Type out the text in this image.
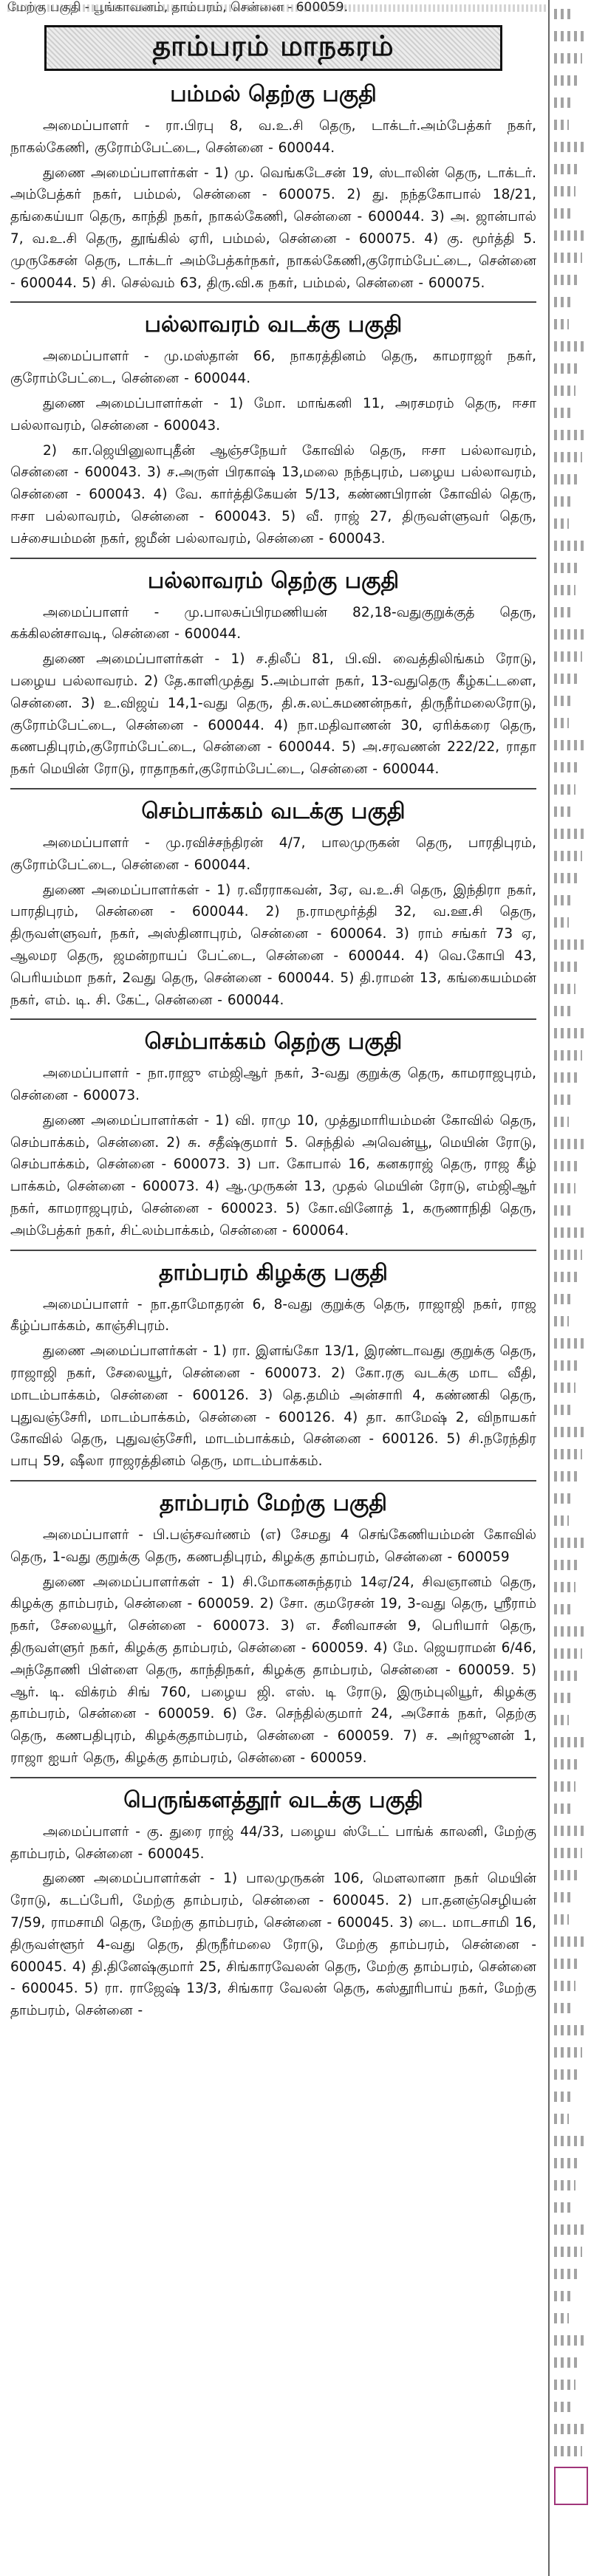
மேற்கு பகுதி - பூங்காவனம், தாம்பரம், சென்னை - 600059.
தாம்பரம் மாநகரம்
பம்மல் தெற்கு பகுதி

அமைப்பாளர் - ரா.பிரபு 8, வ.உ.சி தெரு, டாக்டர்.அம்பேத்கர் நகர், நாகல்கேணி, குரோம்பேட்டை, சென்னை - 600044.

துணை அமைப்பாளர்கள் - 1) மு. வெங்கடேசன் 19, ஸ்டாலின் தெரு, டாக்டர். அம்பேத்கர் நகர், பம்மல், சென்னை - 600075. 2) து. நந்தகோபால் 18/21, தங்கைய்யா தெரு, காந்தி நகர், நாகல்கேணி, சென்னை - 600044. 3) அ. ஜான்பால் 7, வ.உ.சி தெரு, தூங்கில் ஏரி, பம்மல், சென்னை - 600075. 4) கு. மூர்த்தி 5. முருகேசன் தெரு, டாக்டர் அம்பேத்கர்நகர், நாகல்கேணி,குரோம்பேட்டை, சென்னை - 600044. 5) சி. செல்வம் 63, திரு.வி.க நகர், பம்மல், சென்னை - 600075.

பல்லாவரம் வடக்கு பகுதி

அமைப்பாளர் - மு.மஸ்தான் 66, நாகரத்தினம் தெரு, காமராஜர் நகர், குரோம்பேட்டை, சென்னை - 600044.

துணை அமைப்பாளர்கள் - 1) மோ. மாங்கனி 11, அரசமரம் தெரு, ஈசா பல்லாவரம், சென்னை - 600043.

2) கா.ஜெயினுலாபுதீன் ஆஞ்சநேயர் கோவில் தெரு, ஈசா பல்லாவரம், சென்னை - 600043. 3) ச.அருள் பிரகாஷ் 13,மலை நந்தபுரம், பழைய பல்லாவரம், சென்னை - 600043. 4) வே. கார்த்திகேயன் 5/13, கண்ணபிரான் கோவில் தெரு, ஈசா பல்லாவரம், சென்னை - 600043. 5) வீ. ராஜ் 27, திருவள்ளுவர் தெரு, பச்சையம்மன் நகர், ஜமீன் பல்லாவரம், சென்னை - 600043.

பல்லாவரம் தெற்கு பகுதி

அமைப்பாளர் - மு.பாலசுப்பிரமணியன் 82,18-வதுகுறுக்குத் தெரு, கக்கிலன்சாவடி, சென்னை - 600044.

துணை அமைப்பாளர்கள் - 1) ச.திலீப் 81, பி.வி. வைத்திலிங்கம் ரோடு, பழைய பல்லாவரம். 2) தே.காளிமுத்து 5.அம்பாள் நகர், 13-வதுதெரு கீழ்கட்டளை, சென்னை. 3) உ.விஜய் 14,1-வது தெரு, தி.சு.லட்சுமணன்நகர், திருநீர்மலைரோடு, குரோம்பேட்டை, சென்னை - 600044. 4) நா.மதிவாணன் 30, ஏரிக்கரை தெரு, கணபதிபுரம்,குரோம்பேட்டை, சென்னை - 600044. 5) அ.சரவணன் 222/22, ராதா நகர் மெயின் ரோடு, ராதாநகர்,குரோம்பேட்டை, சென்னை - 600044.

செம்பாக்கம் வடக்கு பகுதி

அமைப்பாளர் - மு.ரவிச்சந்திரன் 4/7, பாலமுருகன் தெரு, பாரதிபுரம், குரோம்பேட்டை, சென்னை - 600044.

துணை அமைப்பாளர்கள் - 1) ர.வீரராகவன், 3ஏ, வ.உ.சி தெரு, இந்திரா நகர், பாரதிபுரம், சென்னை - 600044. 2) ந.ராமமூர்த்தி 32, வ.ஊ.சி தெரு, திருவள்ளுவர், நகர், அஸ்தினாபுரம், சென்னை - 600064. 3) ராம் சங்கர் 73 ஏ, ஆலமர தெரு, ஜமன்றாயப் பேட்டை, சென்னை - 600044. 4) வெ.கோபி 43, பெரியம்மா நகர், 2வது தெரு, சென்னை - 600044. 5) தி.ராமன் 13, கங்கையம்மன் நகர், எம். டி. சி. கேட், சென்னை - 600044.

செம்பாக்கம் தெற்கு பகுதி

அமைப்பாளர் - நா.ராஜு எம்ஜிஆர் நகர், 3-வது குறுக்கு தெரு, காமராஜபுரம், சென்னை - 600073.

துணை அமைப்பாளர்கள் - 1) வி. ராமு 10, முத்துமாரியம்மன் கோவில் தெரு, செம்பாக்கம், சென்னை. 2) சு. சதீஷ்குமார் 5. செந்தில் அவென்யூ, மெயின் ரோடு, செம்பாக்கம், சென்னை - 600073. 3) பா. கோபால் 16, கனகராஜ் தெரு, ராஜ கீழ் பாக்கம், சென்னை - 600073. 4) ஆ.முருகன் 13, முதல் மெயின் ரோடு, எம்ஜிஆர் நகர், காமராஜபுரம், சென்னை - 600023. 5) கோ.வினோத் 1, கருணாநிதி தெரு, அம்பேத்கர் நகர், சிட்லம்பாக்கம், சென்னை - 600064.

தாம்பரம் கிழக்கு பகுதி

அமைப்பாளர் - நா.தாமோதரன் 6, 8-வது குறுக்கு தெரு, ராஜாஜி நகர், ராஜ கீழ்ப்பாக்கம், காஞ்சிபுரம்.

துணை அமைப்பாளர்கள் - 1) ரா. இளங்கோ 13/1, இரண்டாவது குறுக்கு தெரு, ராஜாஜி நகர், சேலையூர், சென்னை - 600073. 2) கோ.ரகு வடக்கு மாட வீதி, மாடம்பாக்கம், சென்னை - 600126. 3) தெ.தமிம் அன்சாரி 4, கண்ணகி தெரு, புதுவஞ்சேரி, மாடம்பாக்கம், சென்னை - 600126. 4) தா. காமேஷ் 2, விநாயகர் கோவில் தெரு, புதுவஞ்சேரி, மாடம்பாக்கம், சென்னை - 600126. 5) சி.நரேந்திர பாபு 59, ஷீலா ராஜரத்தினம் தெரு, மாடம்பாக்கம்.

தாம்பரம் மேற்கு பகுதி

அமைப்பாளர் - பி.பஞ்சவர்ணம் (எ) சேமது 4 செங்கேணியம்மன் கோவில் தெரு, 1-வது குறுக்கு தெரு, கணபதிபுரம், கிழக்கு தாம்பரம், சென்னை - 600059

துணை அமைப்பாளர்கள் - 1) சி.மோகனசுந்தரம் 14ஏ/24, சிவஞானம் தெரு, கிழக்கு தாம்பரம், சென்னை - 600059. 2) சோ. குமரேசன் 19, 3-வது தெரு, ஸ்ரீராம் நகர், சேலையூர், சென்னை - 600073. 3) எ. சீனிவாசன் 9, பெரியார் தெரு, திருவள்ளுர் நகர், கிழக்கு தாம்பரம், சென்னை - 600059. 4) மே. ஜெயராமன் 6/46, அந்தோணி பிள்ளை தெரு, காந்திநகர், கிழக்கு தாம்பரம், சென்னை - 600059. 5) ஆர். டி. விக்ரம் சிங் 760, பழைய ஜி. எஸ். டி ரோடு, இரும்புலியூர், கிழக்கு தாம்பரம், சென்னை - 600059. 6) சே. செந்தில்குமார் 24, அசோக் நகர், தெற்கு தெரு, கணபதிபுரம், கிழக்குதாம்பரம், சென்னை - 600059. 7) ச. அர்ஜுனன் 1, ராஜா ஐயர் தெரு, கிழக்கு தாம்பரம், சென்னை - 600059.

பெருங்களத்தூர் வடக்கு பகுதி

அமைப்பாளர் - கு. துரை ராஜ் 44/33, பழைய ஸ்டேட் பாங்க் காலனி, மேற்கு தாம்பரம், சென்னை - 600045.

துணை அமைப்பாளர்கள் - 1) பாலமுருகன் 106, மௌலானா நகர் மெயின் ரோடு, கடப்பேரி, மேற்கு தாம்பரம், சென்னை - 600045. 2) பா.தனஞ்செழியன் 7/59, ராமசாமி தெரு, மேற்கு தாம்பரம், சென்னை - 600045. 3) டை. மாடசாமி 16, திருவள்ளூர் 4-வது தெரு, திருநீர்மலை ரோடு, மேற்கு தாம்பரம், சென்னை - 600045. 4) தி.தினேஷ்குமார் 25, சிங்காரவேலன் தெரு, மேற்கு தாம்பரம், சென்னை - 600045. 5) ரா. ராஜேஷ் 13/3, சிங்கார வேலன் தெரு, கஸ்தூரிபாய் நகர், மேற்கு தாம்பரம், சென்னை -
